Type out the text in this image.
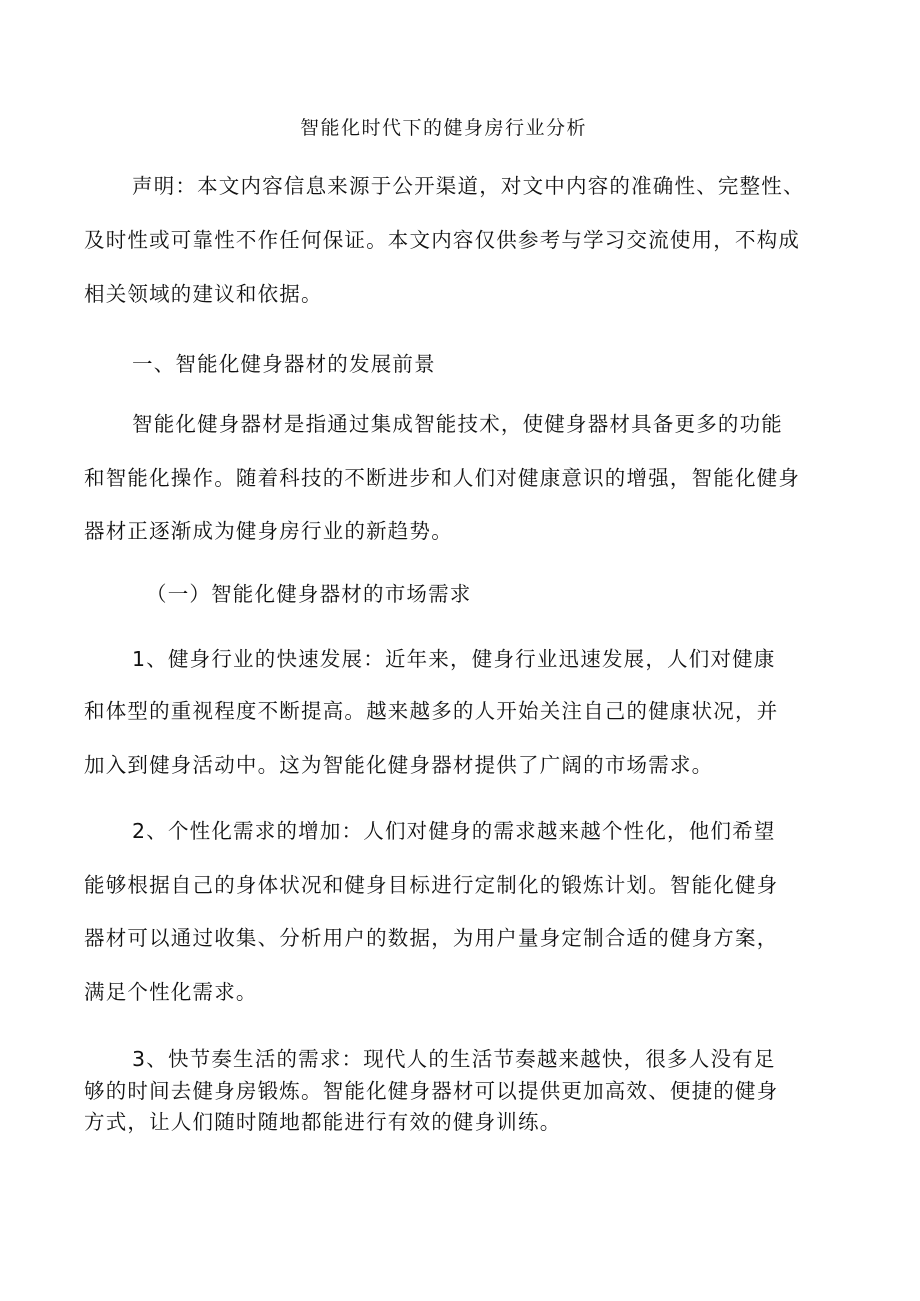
智能化时代下的健身房行业分析
声明：本文内容信息来源于公开渠道，对文中内容的准确性、完整性、
及时性或可靠性不作任何保证。本文内容仅供参考与学习交流使用，不构成
相关领域的建议和依据。
一、智能化健身器材的发展前景
智能化健身器材是指通过集成智能技术，使健身器材具备更多的功能
和智能化操作。随着科技的不断进步和人们对健康意识的增强，智能化健身
器材正逐渐成为健身房行业的新趋势。
（一）智能化健身器材的市场需求
1、健身行业的快速发展：近年来，健身行业迅速发展，人们对健康
和体型的重视程度不断提高。越来越多的人开始关注自己的健康状况，并
加入到健身活动中。这为智能化健身器材提供了广阔的市场需求。
2、个性化需求的增加：人们对健身的需求越来越个性化，他们希望
能够根据自己的身体状况和健身目标进行定制化的锻炼计划。智能化健身
器材可以通过收集、分析用户的数据，为用户量身定制合适的健身方案，
满足个性化需求。
3、快节奏生活的需求：现代人的生活节奏越来越快，很多人没有足
够的时间去健身房锻炼。智能化健身器材可以提供更加高效、便捷的健身
方式，让人们随时随地都能进行有效的健身训练。
